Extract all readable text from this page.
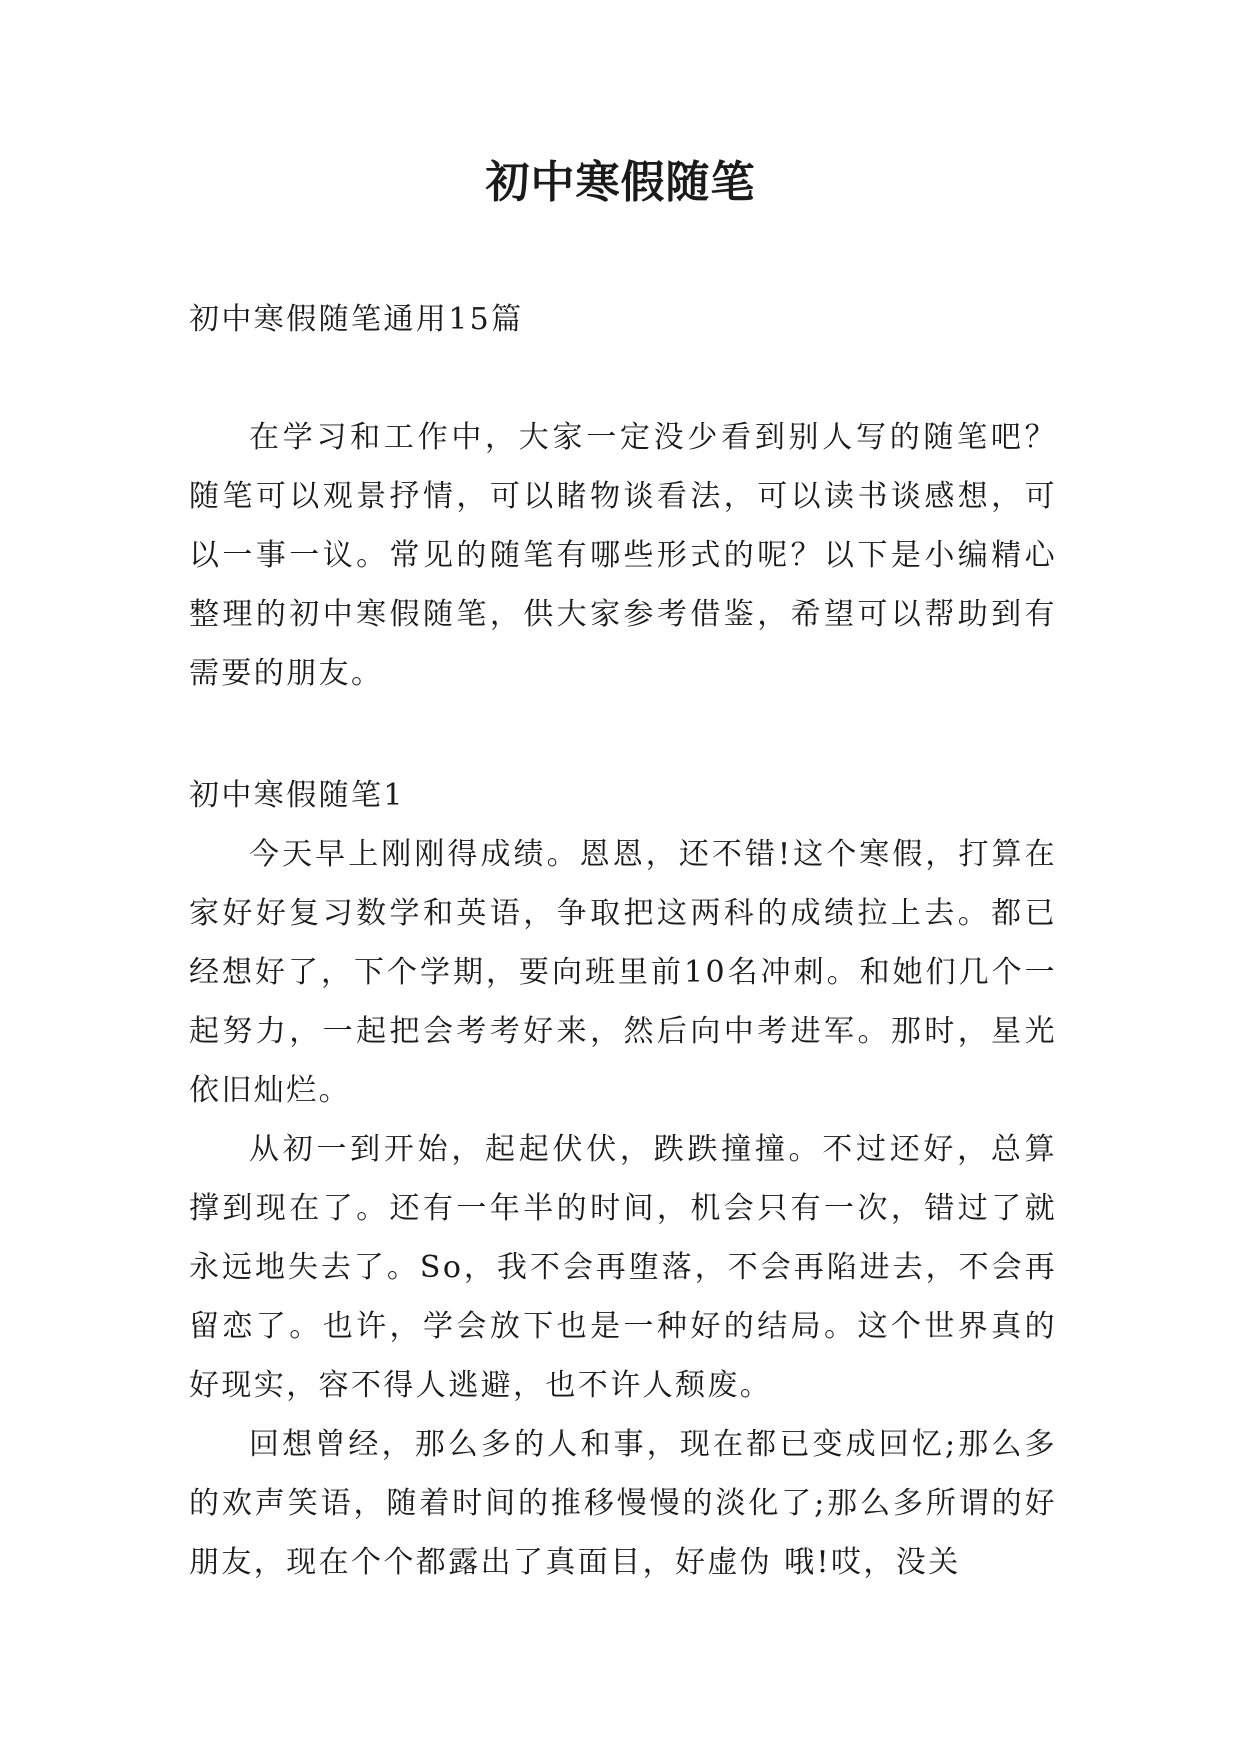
初中寒假随笔

初中寒假随笔通用15篇

在学习和工作中，大家一定没少看到别人写的随笔吧？随笔可以观景抒情，可以睹物谈看法，可以读书谈感想，可以一事一议。常见的随笔有哪些形式的呢？以下是小编精心整理的初中寒假随笔，供大家参考借鉴，希望可以帮助到有需要的朋友。

初中寒假随笔1

今天早上刚刚得成绩。恩恩，还不错!这个寒假，打算在家好好复习数学和英语，争取把这两科的成绩拉上去。都已经想好了，下个学期，要向班里前10名冲刺。和她们几个一起努力，一起把会考考好来，然后向中考进军。那时，星光依旧灿烂。

从初一到开始，起起伏伏，跌跌撞撞。不过还好，总算撑到现在了。还有一年半的时间，机会只有一次，错过了就永远地失去了。So，我不会再堕落，不会再陷进去，不会再留恋了。也许，学会放下也是一种好的结局。这个世界真的好现实，容不得人逃避，也不许人颓废。

回想曾经，那么多的人和事，现在都已变成回忆;那么多的欢声笑语，随着时间的推移慢慢的淡化了;那么多所谓的好朋友，现在个个都露出了真面目，好虚伪 哦!哎，没关
